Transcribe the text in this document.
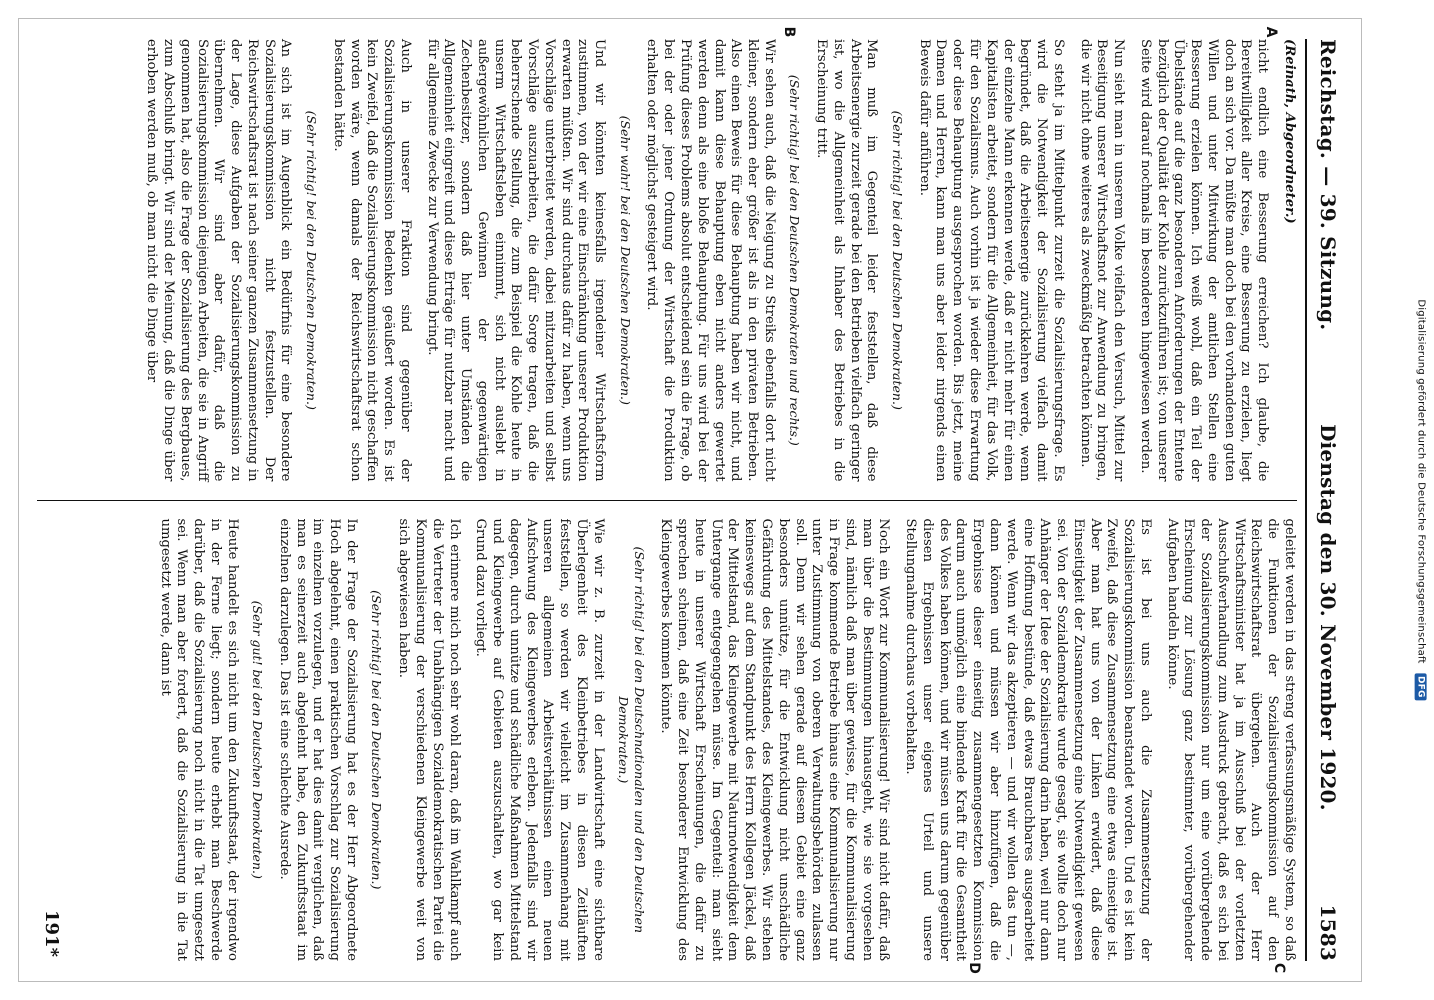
Digitalisierung gefördert durch die Deutsche Forschungsgemeinschaft DFG
Reichstag. — 39. Sitzung.
Dienstag den 30. November 1920.
1583
A
B

(Reinath, Abgeordneter.)

nicht endlich eine Besserung erreichen? Ich glaube, die Bereitwilligkeit aller Kreise, eine Besserung zu erzielen, liegt doch an sich vor. Da müßte man doch bei den vorhandenen guten Willen und unter Mitwirkung der amtlichen Stellen eine Besserung erzielen können. Ich weiß wohl, daß ein Teil der Übelstände auf die ganz besonderen Anforderungen der Entente bezüglich der Qualität der Kohle zurückzuführen ist; von unserer Seite wird darauf nochmals im besonderen hingewiesen werden.

Nun sieht man in unserem Volke vielfach den Versuch, Mittel zur Beseitigung unserer Wirtschaftsnot zur Anwendung zu bringen, die wir nicht ohne weiteres als zweckmäßig betrachten können.

So steht ja im Mittelpunkt zurzeit die Sozialisierungsfrage. Es wird die Notwendigkeit der Sozialisierung vielfach damit begründet, daß die Arbeitsenergie zurückkehren werde, wenn der einzelne Mann erkennen werde, daß er nicht mehr für einen Kapitalisten arbeitet, sondern für die Allgemeinheit, für das Volk, für den Sozialismus. Auch vorhin ist ja wieder diese Erwartung oder diese Behauptung ausgesprochen worden. Bis jetzt, meine Damen und Herren, kann man uns aber leider nirgends einen Beweis dafür anführen.

(Sehr richtig! bei den Deutschen Demokraten.)

Man muß im Gegenteil leider feststellen, daß diese Arbeitsenergie zurzeit gerade bei den Betrieben vielfach geringer ist, wo die Allgemeinheit als Inhaber des Betriebes in die Erscheinung tritt.

(Sehr richtig! bei den Deutschen Demokraten und rechts.)

Wir sehen auch, daß die Neigung zu Streiks ebenfalls dort nicht kleiner, sondern eher größer ist als in den privaten Betrieben. Also einen Beweis für diese Behauptung haben wir nicht, und damit kann diese Behauptung eben nicht anders gewertet werden denn als eine bloße Behauptung. Für uns wird bei der Prüfung dieses Problems absolut entscheidend sein die Frage, ob bei der oder jener Ordnung der Wirtschaft die Produktion erhalten oder möglichst gesteigert wird.

(Sehr wahr! bei den Deutschen Demokraten.)

Und wir könnten keinesfalls irgendeiner Wirtschaftsform zustimmen, von der wir eine Einschränkung unserer Produktion erwarten müßten. Wir sind durchaus dafür zu haben, wenn uns Vorschläge unterbreitet werden, dabei mitzuarbeiten und selbst Vorschläge auszuarbeiten, die dafür Sorge tragen, daß die beherrschende Stellung, die zum Beispiel die Kohle heute in unserm Wirtschaftsleben einnimmt, sich nicht auslebt in außergewöhnlichen Gewinnen der gegenwärtigen Zechenbesitzer, sondern daß hier unter Umständen die Allgemeinheit eingreift und diese Erträge für nutzbar macht und für allgemeine Zwecke zur Verwendung bringt.

Auch in unserer Fraktion sind gegenüber der Sozialisierungskommission Bedenken geäußert worden. Es ist kein Zweifel, daß die Sozialisierungskommission nicht geschaffen worden wäre, wenn damals der Reichswirtschaftsrat schon bestanden hätte.

(Sehr richtig! bei den Deutschen Demokraten.)

An sich ist im Augenblick ein Bedürfnis für eine besondere Sozialisierungskommission nicht festzustellen. Der Reichswirtschaftsrat ist nach seiner ganzen Zusammensetzung in der Lage, diese Aufgaben der Sozialisierungskommission zu übernehmen. Wir sind aber dafür, daß die Sozialisierungskommission diejenigen Arbeiten, die sie in Angriff genommen hat, also die Frage der Sozialisierung des Bergbaues, zum Abschluß bringt. Wir sind der Meinung, daß die Dinge über erhoben werden muß, ob man nicht die Dinge über

C
D

geleitet werden in das streng verfassungsmäßige System, so daß die Funktionen der Sozialisierungskommission auf den Reichswirtschaftsrat übergehen. Auch der Herr Wirtschaftsminister hat ja im Ausschuß bei der vorletzten Ausschußverhandlung zum Ausdruck gebracht, daß es sich bei der Sozialisierungskommission nur um eine vorübergehende Erscheinung zur Lösung ganz bestimmter, vorübergehender Aufgaben handeln könne.

Es ist bei uns auch die Zusammensetzung der Sozialisierungskommission beanstandet worden. Und es ist kein Zweifel, daß diese Zusammensetzung eine etwas einseitige ist. Aber man hat uns von der Linken erwidert, daß diese Einseitigkeit der Zusammensetzung eine Notwendigkeit gewesen sei. Von der Sozialdemokratie wurde gesagt, sie wollte doch nur Anhänger der Idee der Sozialisierung darin haben, weil nur dann eine Hoffnung bestünde, daß etwas Brauchbares ausgearbeitet werde. Wenn wir das akzeptieren — und wir wollen das tun —, dann können und müssen wir aber hinzufügen, daß die Ergebnisse dieser einseitig zusammengesetzten Kommission darum auch unmöglich eine bindende Kraft für die Gesamtheit des Volkes haben können, und wir müssen uns darum gegenüber diesen Ergebnissen unser eigenes Urteil und unsere Stellungnahme durchaus vorbehalten.

Noch ein Wort zur Kommunalisierung! Wir sind nicht dafür, daß man über die Bestimmungen hinausgeht, wie sie vorgesehen sind, nämlich daß man über gewisse, für die Kommunalisierung in Frage kommende Betriebe hinaus eine Kommunalisierung nur unter Zustimmung von oberen Verwaltungsbehörden zulassen soll. Denn wir sehen gerade auf diesem Gebiet eine ganz besonders unnütze, für die Entwicklung nicht unschädliche Gefährdung des Mittelstandes, des Kleingewerbes. Wir stehen keineswegs auf dem Standpunkt des Herrn Kollegen Jäckel, daß der Mittelstand, das Kleingewerbe mit Naturnotwendigkeit dem Untergange entgegengehen müsse. Im Gegenteil: man sieht heute in unserer Wirtschaft Erscheinungen, die dafür zu sprechen scheinen, daß eine Zeit besonderer Entwicklung des Kleingewerbes kommen könnte.

(Sehr richtig! bei den Deutschnationalen und den Deutschen Demokraten.)

Wie wir z. B. zurzeit in der Landwirtschaft eine sichtbare Überlegenheit des Kleinbetriebes in diesen Zeitläuften feststellen, so werden wir vielleicht im Zusammenhang mit unseren allgemeinen Arbeitsverhältnissen einen neuen Aufschwung des Kleingewerbes erleben. Jedenfalls sind wir dagegen, durch unnütze und schädliche Maßnahmen Mittelstand und Kleingewerbe auf Gebieten auszuschalten, wo gar kein Grund dazu vorliegt.

Ich erinnere mich noch sehr wohl daran, daß im Wahlkampf auch die Vertreter der Unabhängigen Sozialdemokratischen Partei die Kommunalisierung der verschiedenen Kleingewerbe weit von sich abgewiesen haben.

(Sehr richtig! bei den Deutschen Demokraten.)

In der Frage der Sozialisierung hat es der Herr Abgeordnete Hoch abgelehnt, einen praktischen Vorschlag zur Sozialisierung im einzelnen vorzulegen, und er hat dies damit verglichen, daß man es seinerzeit auch abgelehnt habe, den Zukunftsstaat im einzelnen darzulegen. Das ist eine schlechte Ausrede.

(Sehr gut! bei den Deutschen Demokraten.)

Heute handelt es sich nicht um den Zukunftsstaat, der irgendwo in der Ferne liegt; sondern heute erhebt man Beschwerde darüber, daß die Sozialisierung noch nicht in die Tat umgesetzt sei. Wenn man aber fordert, daß die Sozialisierung in die Tat umgesetzt werde, dann ist

191*
